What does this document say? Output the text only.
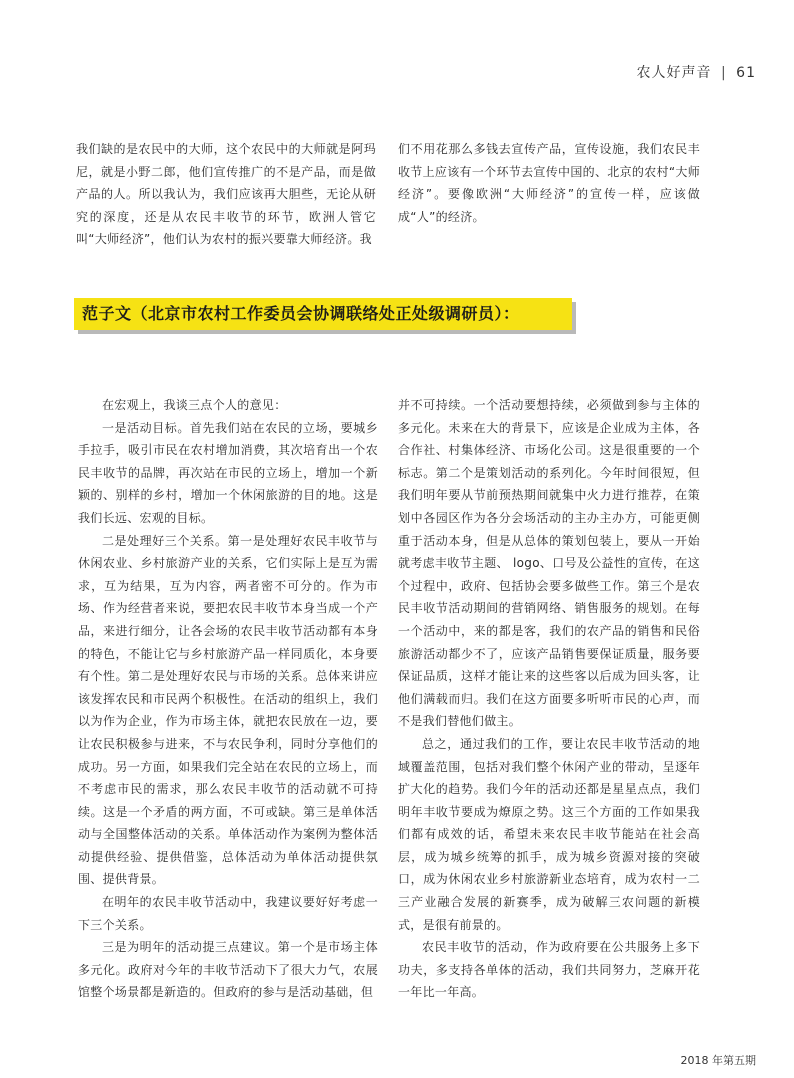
农人好声音 | 61

我们缺的是农民中的大师，这个农民中的大师就是阿玛尼，就是小野二郎，他们宣传推广的不是产品，而是做产品的人。所以我认为，我们应该再大胆些，无论从研究的深度，还是从农民丰收节的环节，欧洲人管它叫“大师经济”，他们认为农村的振兴要靠大师经济。我

们不用花那么多钱去宣传产品，宣传设施，我们农民丰收节上应该有一个环节去宣传中国的、北京的农村“大师经济”。要像欧洲“大师经济”的宣传一样，应该做成“人”的经济。

范子文（北京市农村工作委员会协调联络处正处级调研员）：

在宏观上，我谈三点个人的意见：

一是活动目标。首先我们站在农民的立场，要城乡手拉手，吸引市民在农村增加消费，其次培育出一个农民丰收节的品牌，再次站在市民的立场上，增加一个新颖的、别样的乡村，增加一个休闲旅游的目的地。这是我们长远、宏观的目标。

二是处理好三个关系。第一是处理好农民丰收节与休闲农业、乡村旅游产业的关系，它们实际上是互为需求，互为结果，互为内容，两者密不可分的。作为市场、作为经营者来说，要把农民丰收节本身当成一个产品，来进行细分，让各会场的农民丰收节活动都有本身的特色，不能让它与乡村旅游产品一样同质化，本身要有个性。第二是处理好农民与市场的关系。总体来讲应该发挥农民和市民两个积极性。在活动的组织上，我们以为作为企业，作为市场主体，就把农民放在一边，要让农民积极参与进来，不与农民争利，同时分享他们的成功。另一方面，如果我们完全站在农民的立场上，而不考虑市民的需求，那么农民丰收节的活动就不可持续。这是一个矛盾的两方面，不可或缺。第三是单体活动与全国整体活动的关系。单体活动作为案例为整体活动提供经验、提供借鉴，总体活动为单体活动提供氛围、提供背景。

在明年的农民丰收节活动中，我建议要好好考虑一下三个关系。

三是为明年的活动提三点建议。第一个是市场主体多元化。政府对今年的丰收节活动下了很大力气，农展馆整个场景都是新造的。但政府的参与是活动基础，但

并不可持续。一个活动要想持续，必须做到参与主体的多元化。未来在大的背景下，应该是企业成为主体，各合作社、村集体经济、市场化公司。这是很重要的一个标志。第二个是策划活动的系列化。今年时间很短，但我们明年要从节前预热期间就集中火力进行推荐，在策划中各园区作为各分会场活动的主办主办方，可能更侧重于活动本身，但是从总体的策划包装上，要从一开始就考虑丰收节主题、 logo、口号及公益性的宣传，在这个过程中，政府、包括协会要多做些工作。第三个是农民丰收节活动期间的营销网络、销售服务的规划。在每一个活动中，来的都是客，我们的农产品的销售和民俗旅游活动都少不了，应该产品销售要保证质量，服务要保证品质，这样才能让来的这些客以后成为回头客，让他们满载而归。我们在这方面要多听听市民的心声，而不是我们替他们做主。

总之，通过我们的工作，要让农民丰收节活动的地域覆盖范围，包括对我们整个休闲产业的带动，呈逐年扩大化的趋势。我们今年的活动还都是星星点点，我们明年丰收节要成为燎原之势。这三个方面的工作如果我们都有成效的话，希望未来农民丰收节能站在社会高层，成为城乡统筹的抓手，成为城乡资源对接的突破口，成为休闲农业乡村旅游新业态培育，成为农村一二三产业融合发展的新赛季，成为破解三农问题的新模式，是很有前景的。

农民丰收节的活动，作为政府要在公共服务上多下功夫，多支持各单体的活动，我们共同努力，芝麻开花一年比一年高。

2018 年第五期
